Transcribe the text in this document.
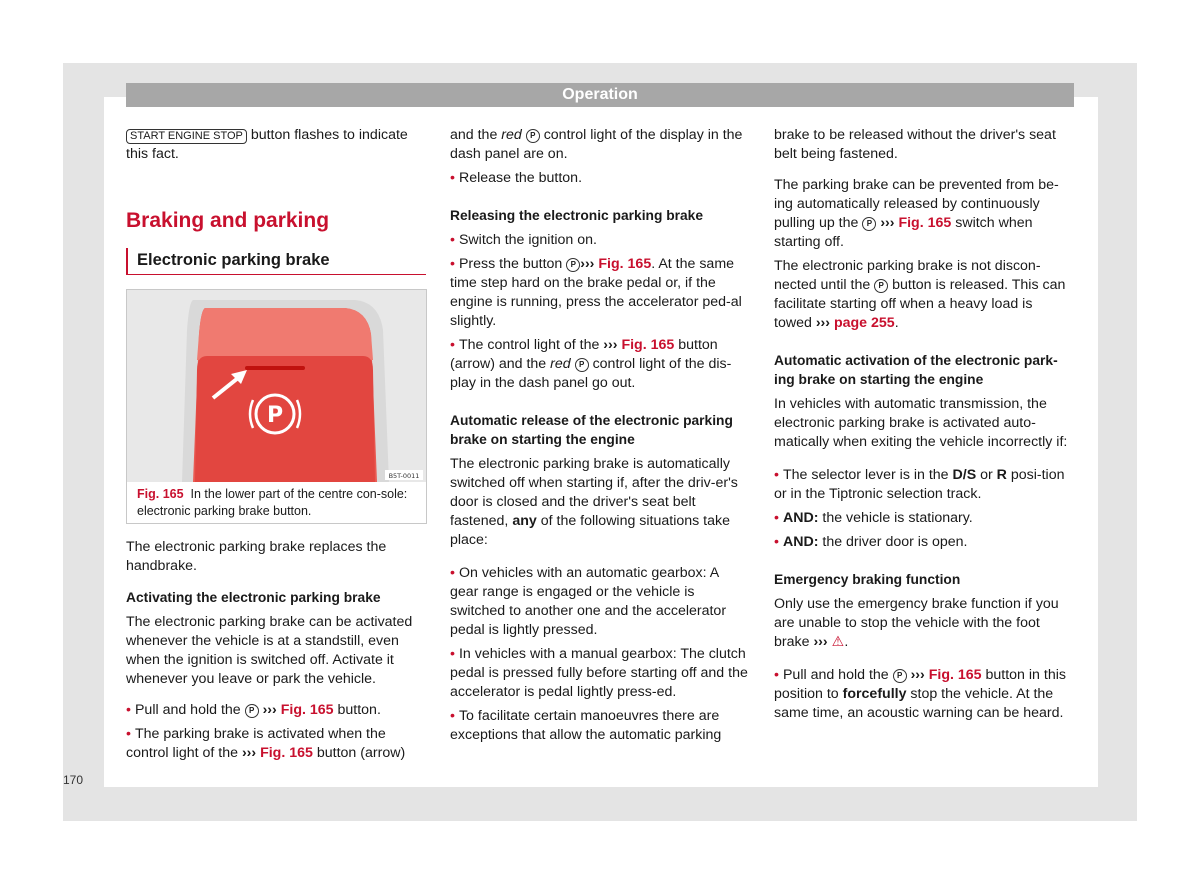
Operation

START ENGINE STOP button flashes to indicate this fact.

Braking and parking
Electronic parking brake
P
B5T-0011
Fig. 165 In the lower part of the centre con-sole: electronic parking brake button.

The electronic parking brake replaces the handbrake.

Activating the electronic parking brake

The electronic parking brake can be activated whenever the vehicle is at a standstill, even when the ignition is switched off. Activate it whenever you leave or park the vehicle.

• Pull and hold the P ››› Fig. 165 button.

• The parking brake is activated when the control light of the ››› Fig. 165 button (arrow)

and the red P control light of the display in the dash panel are on.

• Release the button.

Releasing the electronic parking brake

• Switch the ignition on.

• Press the button P ››› Fig. 165. At the same time step hard on the brake pedal or, if the engine is running, press the accelerator ped-al slightly.

• The control light of the ››› Fig. 165 button (arrow) and the red P control light of the dis-play in the dash panel go out.

Automatic release of the electronic parking brake on starting the engine

The electronic parking brake is automatically switched off when starting if, after the driv-er's door is closed and the driver's seat belt fastened, any of the following situations take place:

• On vehicles with an automatic gearbox: A gear range is engaged or the vehicle is switched to another one and the accelerator pedal is lightly pressed.

• In vehicles with a manual gearbox: The clutch pedal is pressed fully before starting off and the accelerator is pedal lightly press-ed.

• To facilitate certain manoeuvres there are exceptions that allow the automatic parking

brake to be released without the driver's seat belt being fastened.

The parking brake can be prevented from be-ing automatically released by continuously pulling up the P ››› Fig. 165 switch when starting off.

The electronic parking brake is not discon-nected until the P button is released. This can facilitate starting off when a heavy load is towed ››› page 255.

Automatic activation of the electronic park-ing brake on starting the engine

In vehicles with automatic transmission, the electronic parking brake is activated auto-matically when exiting the vehicle incorrectly if:

• The selector lever is in the D/S or R posi-tion or in the Tiptronic selection track.

• AND: the vehicle is stationary.

• AND: the driver door is open.

Emergency braking function

Only use the emergency brake function if you are unable to stop the vehicle with the foot brake ››› ⚠.

• Pull and hold the P ››› Fig. 165 button in this position to forcefully stop the vehicle. At the same time, an acoustic warning can be heard.

170
